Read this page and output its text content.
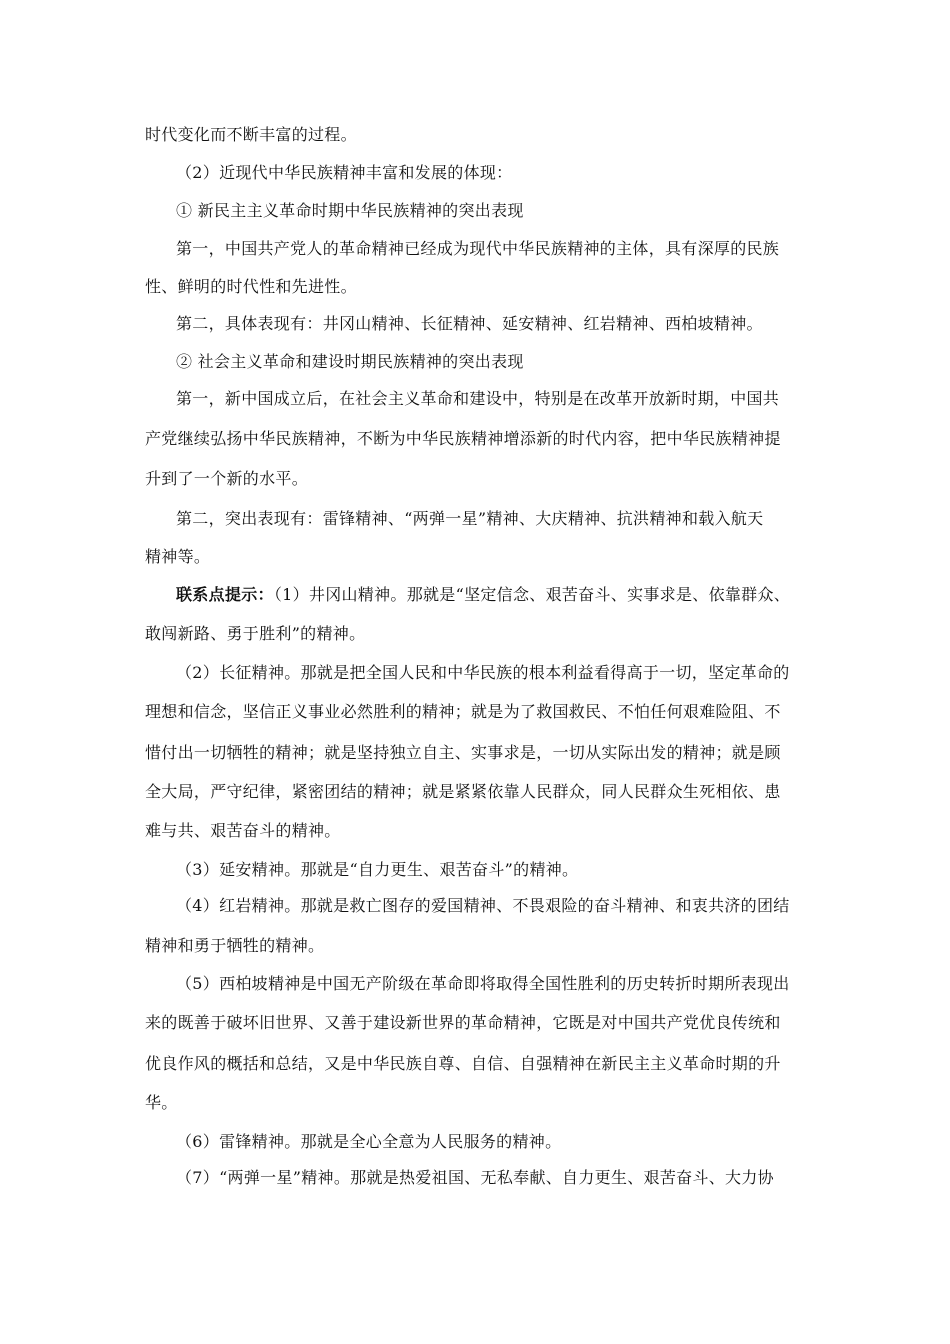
时代变化而不断丰富的过程。
（2）近现代中华民族精神丰富和发展的体现：
① 新民主主义革命时期中华民族精神的突出表现
第一，中国共产党人的革命精神已经成为现代中华民族精神的主体，具有深厚的民族
性、鲜明的时代性和先进性。
第二，具体表现有：井冈山精神、长征精神、延安精神、红岩精神、西柏坡精神。
② 社会主义革命和建设时期民族精神的突出表现
第一，新中国成立后，在社会主义革命和建设中，特别是在改革开放新时期，中国共
产党继续弘扬中华民族精神，不断为中华民族精神增添新的时代内容，把中华民族精神提
升到了一个新的水平。
第二，突出表现有：雷锋精神、“两弹一星”精神、大庆精神、抗洪精神和载入航天
精神等。
联系点提示：（1）井冈山精神。那就是“坚定信念、艰苦奋斗、实事求是、依靠群众、
敢闯新路、勇于胜利”的精神。
（2）长征精神。那就是把全国人民和中华民族的根本利益看得高于一切，坚定革命的
理想和信念，坚信正义事业必然胜利的精神；就是为了救国救民、不怕任何艰难险阻、不
惜付出一切牺牲的精神；就是坚持独立自主、实事求是，一切从实际出发的精神；就是顾
全大局，严守纪律，紧密团结的精神；就是紧紧依靠人民群众，同人民群众生死相依、患
难与共、艰苦奋斗的精神。
（3）延安精神。那就是“自力更生、艰苦奋斗”的精神。
（4）红岩精神。那就是救亡图存的爱国精神、不畏艰险的奋斗精神、和衷共济的团结
精神和勇于牺牲的精神。
（5）西柏坡精神是中国无产阶级在革命即将取得全国性胜利的历史转折时期所表现出
来的既善于破坏旧世界、又善于建设新世界的革命精神，它既是对中国共产党优良传统和
优良作风的概括和总结，又是中华民族自尊、自信、自强精神在新民主主义革命时期的升
华。
（6）雷锋精神。那就是全心全意为人民服务的精神。
（7）“两弹一星”精神。那就是热爱祖国、无私奉献、自力更生、艰苦奋斗、大力协
